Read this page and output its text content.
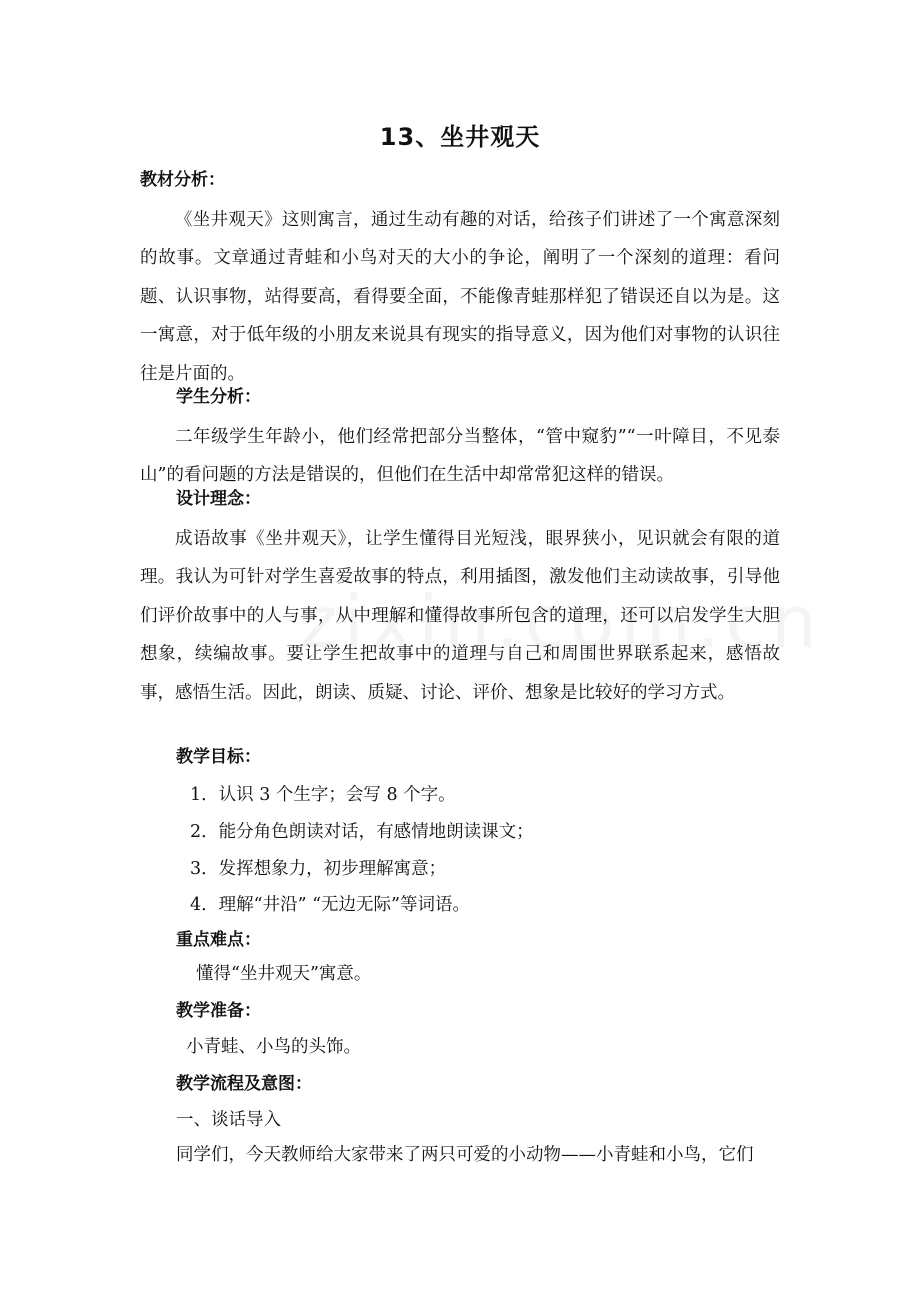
13、坐井观天
教材分析：

《坐井观天》这则寓言，通过生动有趣的对话，给孩子们讲述了一个寓意深刻的故事。文章通过青蛙和小鸟对天的大小的争论，阐明了一个深刻的道理：看问题、认识事物，站得要高，看得要全面，不能像青蛙那样犯了错误还自以为是。这一寓意，对于低年级的小朋友来说具有现实的指导意义，因为他们对事物的认识往往是片面的。

学生分析：

二年级学生年龄小，他们经常把部分当整体，“管中窥豹”“一叶障目，不见泰山”的看问题的方法是错误的，但他们在生活中却常常犯这样的错误。

设计理念：

成语故事《坐井观天》，让学生懂得目光短浅，眼界狭小，见识就会有限的道理。我认为可针对学生喜爱故事的特点，利用插图，激发他们主动读故事，引导他们评价故事中的人与事，从中理解和懂得故事所包含的道理，还可以启发学生大胆想象，续编故事。要让学生把故事中的道理与自己和周围世界联系起来，感悟故事，感悟生活。因此，朗读、质疑、讨论、评价、想象是比较好的学习方式。

教学目标：
1．认识 3 个生字；会写 8 个字。
2．能分角色朗读对话，有感情地朗读课文；
3．发挥想象力，初步理解寓意；
4．理解“井沿” “无边无际”等词语。
重点难点：
懂得“坐井观天”寓意。
教学准备：
小青蛙、小鸟的头饰。
教学流程及意图：
一、谈话导入
同学们，今天教师给大家带来了两只可爱的小动物——小青蛙和小鸟，它们
